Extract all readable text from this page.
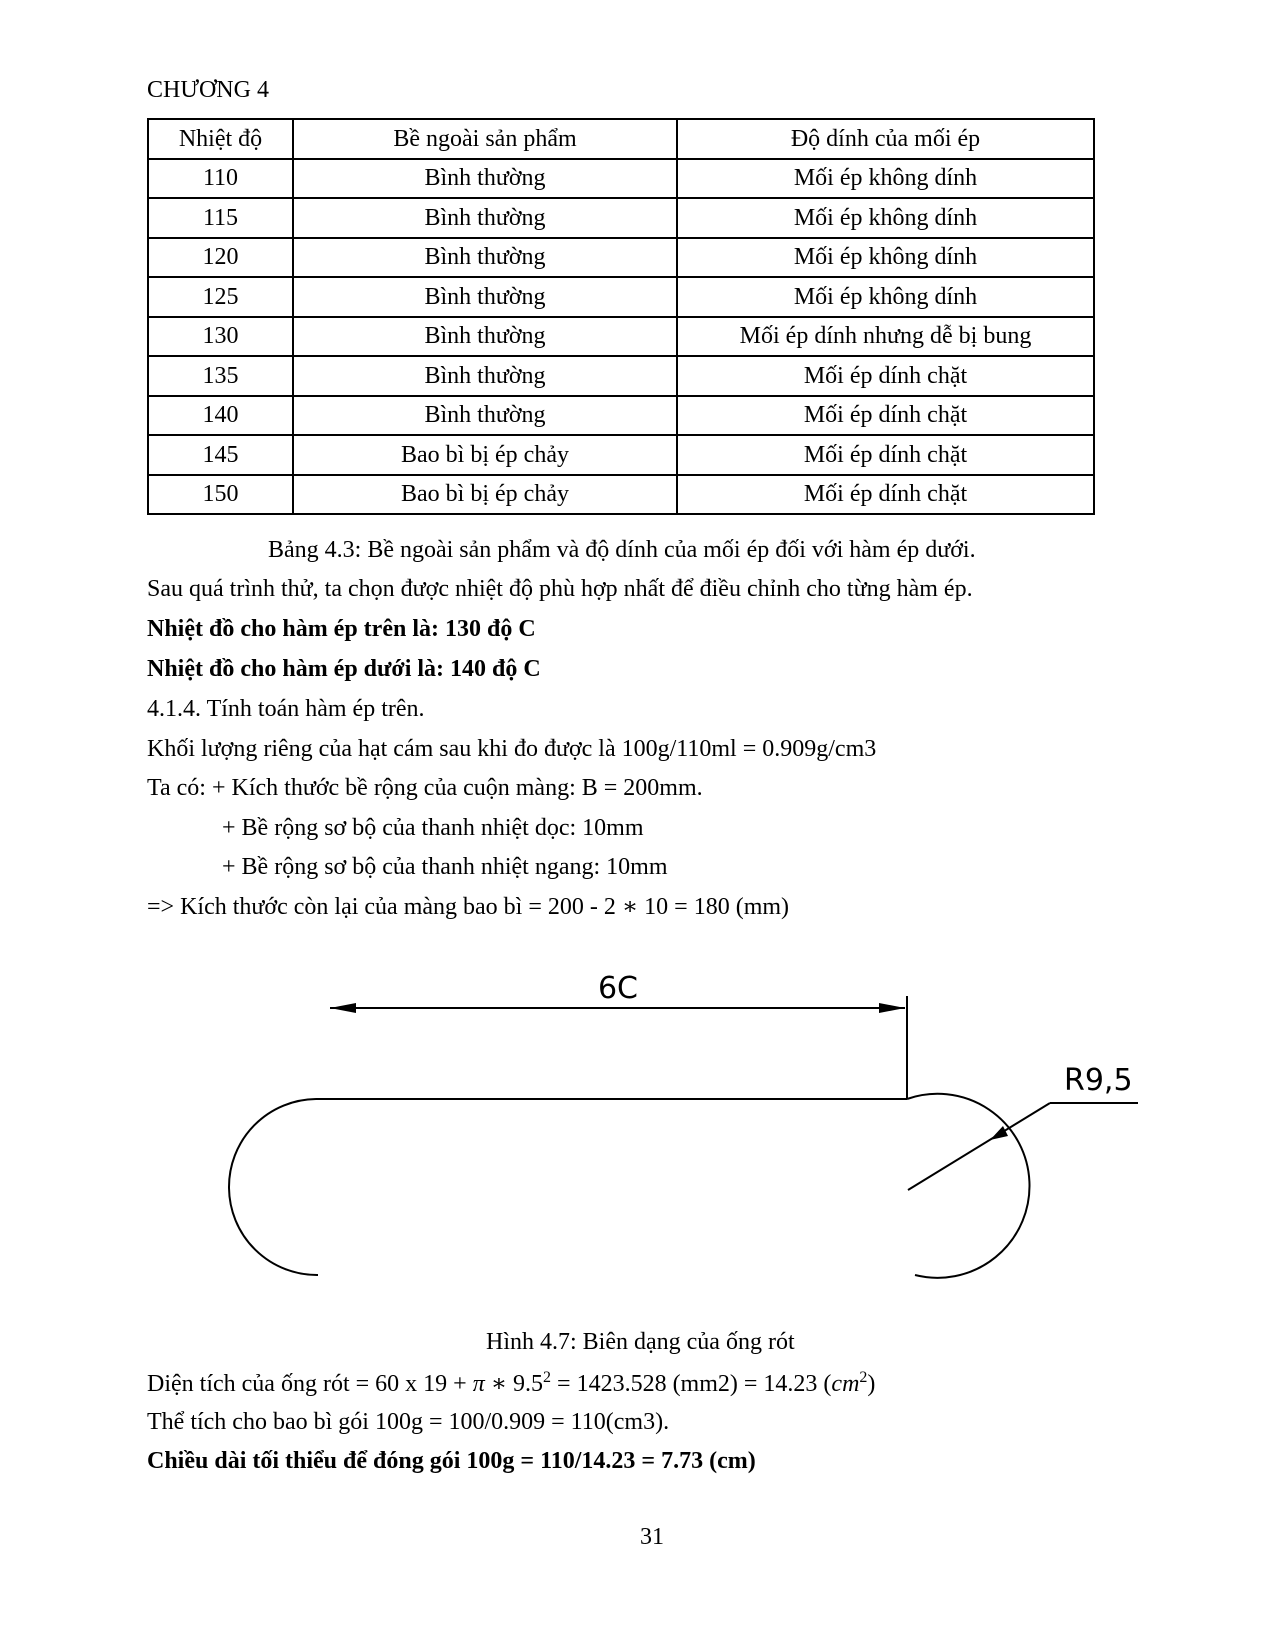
CHƯƠNG 4
Nhiệt độ	Bề ngoài sản phẩm	Độ dính của mối ép
110	Bình thường	Mối ép không dính
115	Bình thường	Mối ép không dính
120	Bình thường	Mối ép không dính
125	Bình thường	Mối ép không dính
130	Bình thường	Mối ép dính nhưng dễ bị bung
135	Bình thường	Mối ép dính chặt
140	Bình thường	Mối ép dính chặt
145	Bao bì bị ép chảy	Mối ép dính chặt
150	Bao bì bị ép chảy	Mối ép dính chặt
Bảng 4.3: Bề ngoài sản phẩm và độ dính của mối ép đối với hàm ép dưới.
Sau quá trình thử, ta chọn được nhiệt độ phù hợp nhất để điều chỉnh cho từng hàm ép.
Nhiệt đồ cho hàm ép trên là: 130 độ C
Nhiệt đồ cho hàm ép dưới là: 140 độ C
4.1.4. Tính toán hàm ép trên.
Khối lượng riêng của hạt cám sau khi đo được là 100g/110ml = 0.909g/cm3
Ta có: + Kích thước bề rộng của cuộn màng: B = 200mm.
+ Bề rộng sơ bộ của thanh nhiệt dọc: 10mm
+ Bề rộng sơ bộ của thanh nhiệt ngang: 10mm
=> Kích thước còn lại của màng bao bì = 200 - 2 ∗ 10 = 180 (mm)
6C
R9,5
Hình 4.7: Biên dạng của ống rót
Diện tích của ống rót = 60 x 19 + π ∗ $9.5^2 = 1423.528$ (mm2) = 14.23 $(cm^2)$
Thể tích cho bao bì gói 100g = 100/0.909 = 110(cm3).
Chiều dài tối thiểu để đóng gói 100g = 110/14.23 = 7.73 (cm)
31
